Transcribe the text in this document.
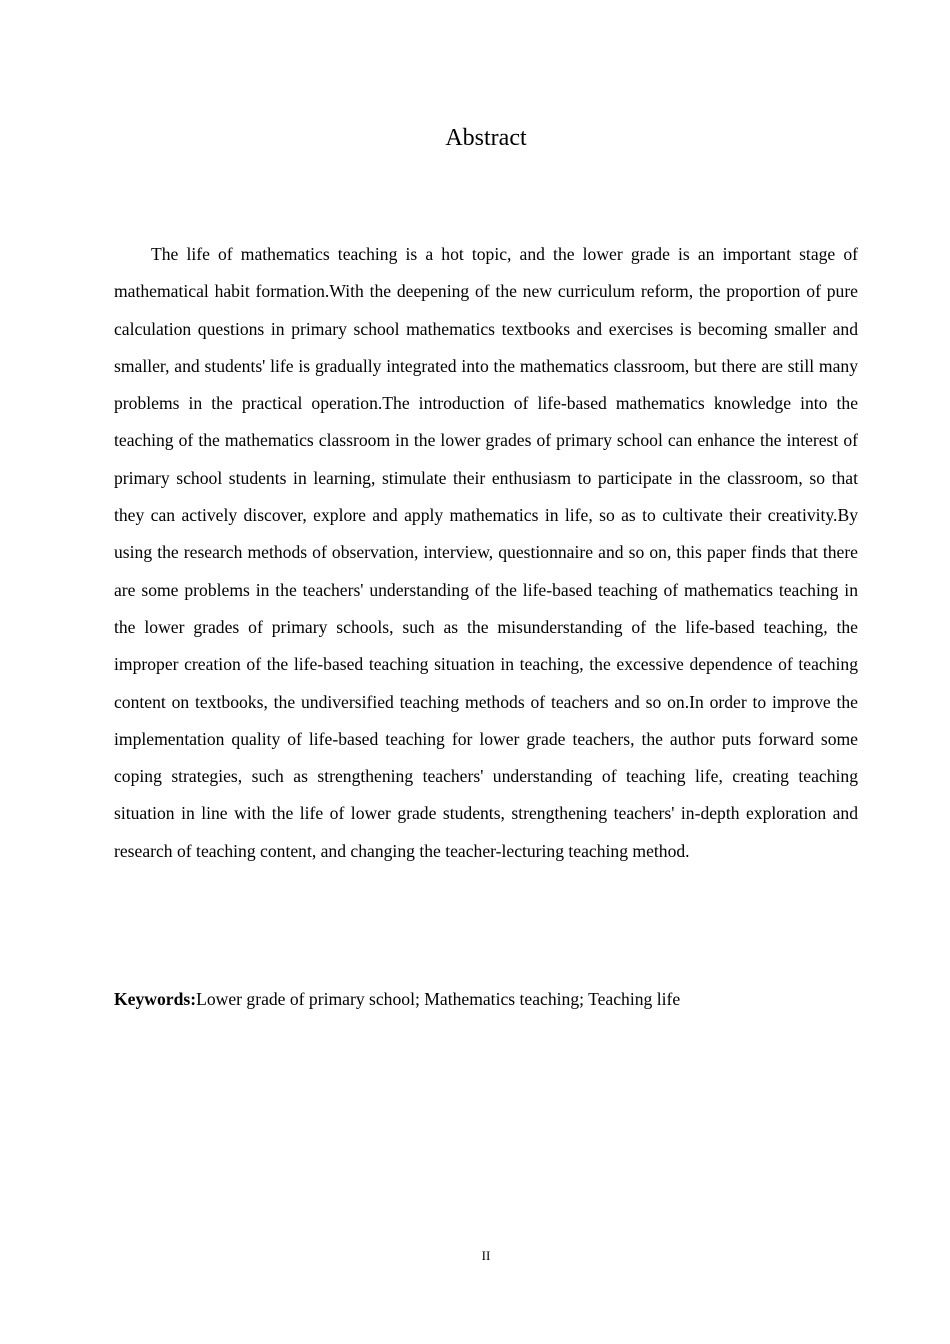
Abstract

The life of mathematics teaching is a hot topic, and the lower grade is an important stage of mathematical habit formation.With the deepening of the new curriculum reform, the proportion of pure calculation questions in primary school mathematics textbooks and exercises is becoming smaller and smaller, and students' life is gradually integrated into the mathematics classroom, but there are still many problems in the practical operation.The introduction of life-based mathematics knowledge into the teaching of the mathematics classroom in the lower grades of primary school can enhance the interest of primary school students in learning, stimulate their enthusiasm to participate in the classroom, so that they can actively discover, explore and apply mathematics in life, so as to cultivate their creativity.By using the research methods of observation, interview, questionnaire and so on, this paper finds that there are some problems in the teachers' understanding of the life-based teaching of mathematics teaching in the lower grades of primary schools, such as the misunderstanding of the life-based teaching, the improper creation of the life-based teaching situation in teaching, the excessive dependence of teaching content on textbooks, the undiversified teaching methods of teachers and so on.In order to improve the implementation quality of life-based teaching for lower grade teachers, the author puts forward some coping strategies, such as strengthening teachers' understanding of teaching life, creating teaching situation in line with the life of lower grade students, strengthening teachers' in-depth exploration and research of teaching content, and changing the teacher-lecturing teaching method.

Keywords:Lower grade of primary school; Mathematics teaching; Teaching life

II
